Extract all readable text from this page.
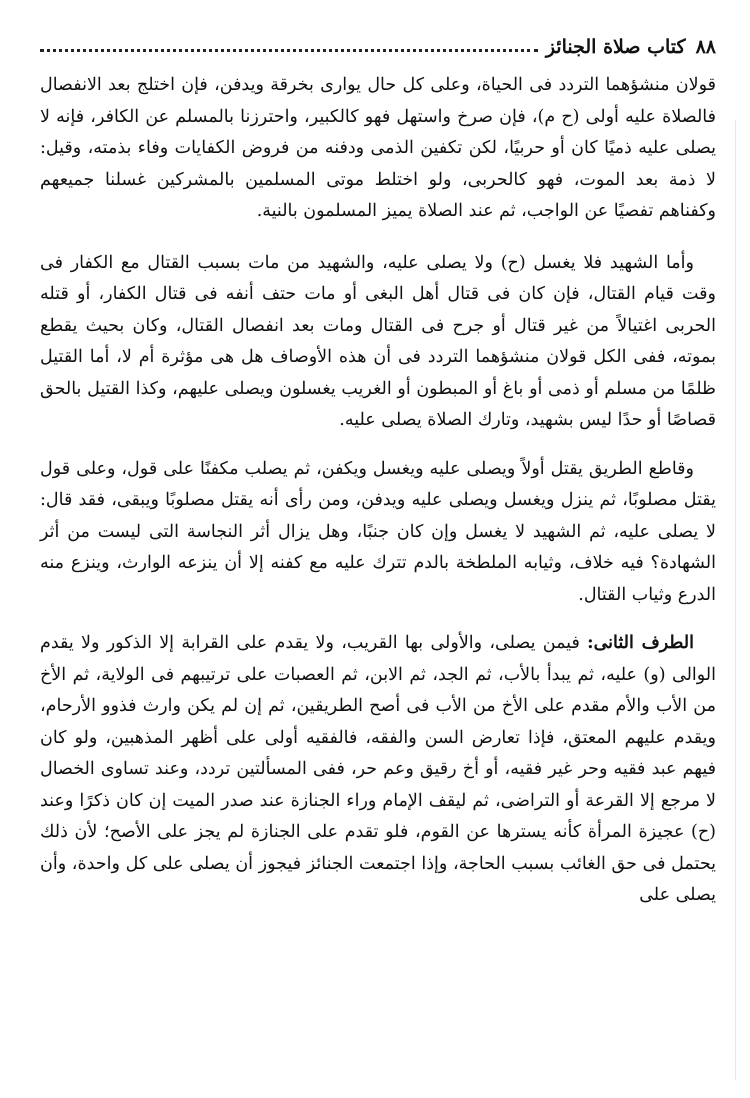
٨٨
كتاب صلاة الجنائز

قولان منشؤهما التردد فى الحياة، وعلى كل حال يوارى بخرقة ويدفن، فإن اختلج بعد الانفصال فالصلاة عليه أولى (ح م)، فإن صرخ واستهل فهو كالكبير، واحترزنا بالمسلم عن الكافر، فإنه لا يصلى عليه ذميًا كان أو حربيًا، لكن تكفين الذمى ودفنه من فروض الكفايات وفاء بذمته، وقيل: لا ذمة بعد الموت، فهو كالحربى، ولو اختلط موتى المسلمين بالمشركين غسلنا جميعهم وكفناهم تفصيًا عن الواجب، ثم عند الصلاة يميز المسلمون بالنية.

وأما الشهيد فلا يغسل (ح) ولا يصلى عليه، والشهيد من مات بسبب القتال مع الكفار فى وقت قيام القتال، فإن كان فى قتال أهل البغى أو مات حتف أنفه فى قتال الكفار، أو قتله الحربى اغتيالاً من غير قتال أو جرح فى القتال ومات بعد انفصال القتال، وكان بحيث يقطع بموته، ففى الكل قولان منشؤهما التردد فى أن هذه الأوصاف هل هى مؤثرة أم لا، أما القتيل ظلمًا من مسلم أو ذمى أو باغ أو المبطون أو الغريب يغسلون ويصلى عليهم، وكذا القتيل بالحق قصاصًا أو حدًا ليس بشهيد، وتارك الصلاة يصلى عليه.

وقاطع الطريق يقتل أولاً ويصلى عليه ويغسل ويكفن، ثم يصلب مكفنًا على قول، وعلى قول يقتل مصلوبًا، ثم ينزل ويغسل ويصلى عليه ويدفن، ومن رأى أنه يقتل مصلوبًا ويبقى، فقد قال: لا يصلى عليه، ثم الشهيد لا يغسل وإن كان جنبًا، وهل يزال أثر النجاسة التى ليست من أثر الشهادة؟ فيه خلاف، وثيابه الملطخة بالدم تترك عليه مع كفنه إلا أن ينزعه الوارث، وينزع منه الدرع وثياب القتال.

الطرف الثانى: فيمن يصلى، والأولى بها القريب، ولا يقدم على القرابة إلا الذكور ولا يقدم الوالى (و) عليه، ثم يبدأ بالأب، ثم الجد، ثم الابن، ثم العصبات على ترتيبهم فى الولاية، ثم الأخ من الأب والأم مقدم على الأخ من الأب فى أصح الطريقين، ثم إن لم يكن وارث فذوو الأرحام، ويقدم عليهم المعتق، فإذا تعارض السن والفقه، فالفقيه أولى على أظهر المذهبين، ولو كان فيهم عبد فقيه وحر غير فقيه، أو أخ رقيق وعم حر، ففى المسألتين تردد، وعند تساوى الخصال لا مرجع إلا القرعة أو التراضى، ثم ليقف الإمام وراء الجنازة عند صدر الميت إن كان ذكرًا وعند (ح) عجيزة المرأة كأنه يسترها عن القوم، فلو تقدم على الجنازة لم يجز على الأصح؛ لأن ذلك يحتمل فى حق الغائب بسبب الحاجة، وإذا اجتمعت الجنائز فيجوز أن يصلى على كل واحدة، وأن يصلى على
